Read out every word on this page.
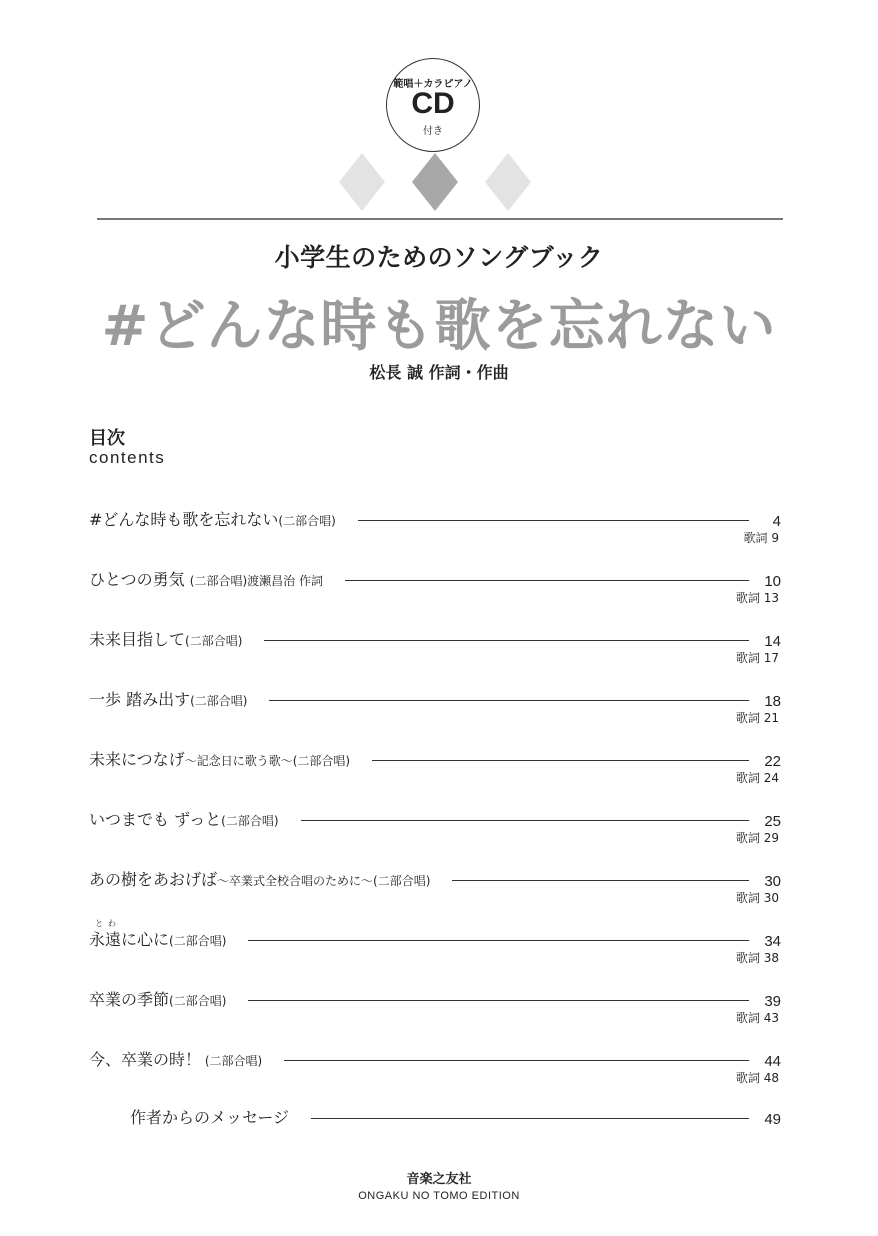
範唱＋カラピアノ
CD
付き
小学生のためのソングブック
#どんな時も歌を忘れない
松長 誠 作詞・作曲
目次
contents
#どんな時も歌を忘れない(二部合唱)	4
歌詞 9
ひとつの勇気 (二部合唱)渡瀬昌治 作詞	10
歌詞 13
未来目指して(二部合唱)	14
歌詞 17
一歩 踏み出す(二部合唱)	18
歌詞 21
未来につなげ～記念日に歌う歌～(二部合唱)	22
歌詞 24
いつまでも ずっと(二部合唱)	25
歌詞 29
あの樹をあおげば～卒業式全校合唱のために～(二部合唱)	30
歌詞 30
永遠に心に(二部合唱)	34
とわ
歌詞 38
卒業の季節(二部合唱)	39
歌詞 43
今、卒業の時！ (二部合唱)	44
歌詞 48
作者からのメッセージ	49
音楽之友社
ONGAKU NO TOMO EDITION
